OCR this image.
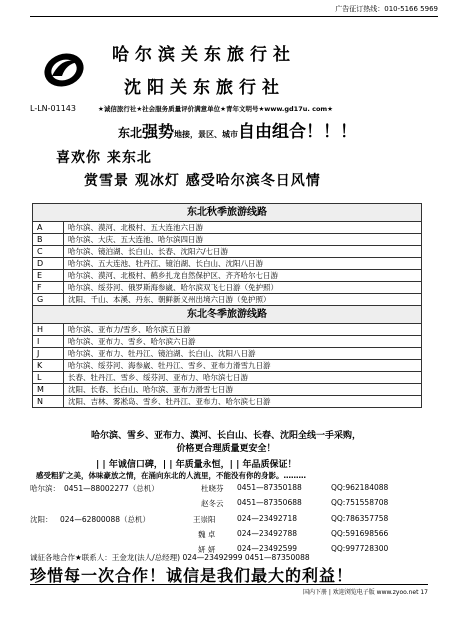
广告征订热线：010-5166 5969
哈尔滨关东旅行社
沈阳关东旅行社
L-LN-01143	★诚信旅行社★社会服务质量评价满意单位★青年文明号★www.gd17u. com★
东北强势地接，景区、城市自由组合！！！
喜欢你 来东北
赏雪景 观冰灯 感受哈尔滨冬日风情
东北秋季旅游线路	
A	哈尔滨、漠河、北极村、五大连池六日游
B	哈尔滨、大庆、五大连池、哈尔滨四日游
C	哈尔滨、镜泊湖、长白山、长春、沈阳六/七日游
D	哈尔滨、五大连池、牡丹江、镜泊湖、长白山、沈阳八日游
E	哈尔滨、漠河、北极村、鹤乡扎龙自然保护区、齐齐哈尔七日游
F	哈尔滨、绥芬河、俄罗斯海参崴、哈尔滨双飞七日游（免护照）
G	沈阳、千山、本溪、丹东、朝鲜新义州出境六日游（免护照）
东北冬季旅游线路	
H	哈尔滨、亚布力/雪乡、哈尔滨五日游
I	哈尔滨、亚布力、雪乡、哈尔滨六日游
J	哈尔滨、亚布力、牡丹江、镜泊湖、长白山、沈阳八日游
K	哈尔滨、绥芬河、海参崴、牡丹江、雪乡、亚布力滑雪九日游
L	长春、牡丹江、雪乡、绥芬河、亚布力、哈尔滨七日游
M	沈阳、长春、长白山、哈尔滨、亚布力滑雪七日游
N	沈阳、吉林、雾凇岛、雪乡、牡丹江、亚布力、哈尔滨七日游
哈尔滨、雪乡、亚布力、漠河、长白山、长春、沈阳全线一手采购，
价格更合理质量更安全！
| | 年诚信口碑，| | 年质量永恒，| | 年品质保证！
感受粗犷之美，体味豪放之情，在涌向东北的人流里，不能没有你的身影。………
哈尔滨： 0451—88002277（总机）
沈阳： 024—62800088（总机）
杜晓芬 0451—87350188	QQ:962184088
赵冬云 0451—87350688	QQ:751558708
王崇阳	024—23492718	QQ:786357758
魏 卓	024—23492788	QQ:591698566
妍 妍	024—23492599	QQ:997728300
诚征各地合作★联系人：王金龙(法人/总经理) 024—23492999 0451—87350088
珍惜每一次合作！诚信是我们最大的利益！
国内下册 | 欢迎浏览电子版 www.zyoo.net 17
